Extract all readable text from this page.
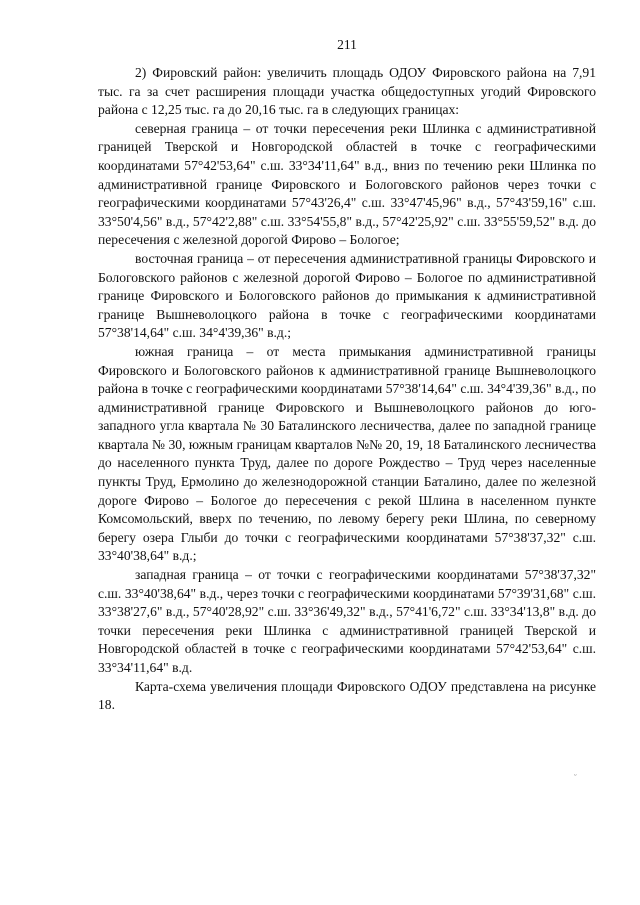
211

2) Фировский район: увеличить площадь ОДОУ Фировского района на 7,91 тыс. га за счет расширения площади участка общедоступных угодий Фировского района с 12,25 тыс. га до 20,16 тыс. га в следующих границах:

северная граница – от точки пересечения реки Шлинка с административной границей Тверской и Новгородской областей в точке с географическими координатами 57°42'53,64" с.ш. 33°34'11,64" в.д., вниз по течению реки Шлинка по административной границе Фировского и Бологовского районов через точки с географическими координатами 57°43'26,4" с.ш. 33°47'45,96" в.д., 57°43'59,16" с.ш. 33°50'4,56" в.д., 57°42'2,88" с.ш. 33°54'55,8" в.д., 57°42'25,92" с.ш. 33°55'59,52" в.д. до пересечения с железной дорогой Фирово – Бологое;

восточная граница – от пересечения административной границы Фировского и Бологовского районов с железной дорогой Фирово – Бологое по административной границе Фировского и Бологовского районов до примыкания к административной границе Вышневолоцкого района в точке с географическими координатами 57°38'14,64" с.ш. 34°4'39,36" в.д.;

южная граница – от места примыкания административной границы Фировского и Бологовского районов к административной границе Вышневолоцкого района в точке с географическими координатами 57°38'14,64" с.ш. 34°4'39,36" в.д., по административной границе Фировского и Вышневолоцкого районов до юго-западного угла квартала № 30 Баталинского лесничества, далее по западной границе квартала № 30, южным границам кварталов №№ 20, 19, 18 Баталинского лесничества до населенного пункта Труд, далее по дороге Рождество – Труд через населенные пункты Труд, Ермолино до железнодорожной станции Баталино, далее по железной дороге Фирово – Бологое до пересечения с рекой Шлина в населенном пункте Комсомольский, вверх по течению, по левому берегу реки Шлина, по северному берегу озера Глыби до точки с географическими координатами 57°38'37,32" с.ш. 33°40'38,64" в.д.;

западная граница – от точки с географическими координатами 57°38'37,32" с.ш. 33°40'38,64" в.д., через точки с географическими координатами 57°39'31,68" с.ш. 33°38'27,6" в.д., 57°40'28,92" с.ш. 33°36'49,32" в.д., 57°41'6,72" с.ш. 33°34'13,8" в.д. до точки пересечения реки Шлинка с административной границей Тверской и Новгородской областей в точке с географическими координатами 57°42'53,64" с.ш. 33°34'11,64" в.д.

Карта-схема увеличения площади Фировского ОДОУ представлена на рисунке 18.

ᵕ
